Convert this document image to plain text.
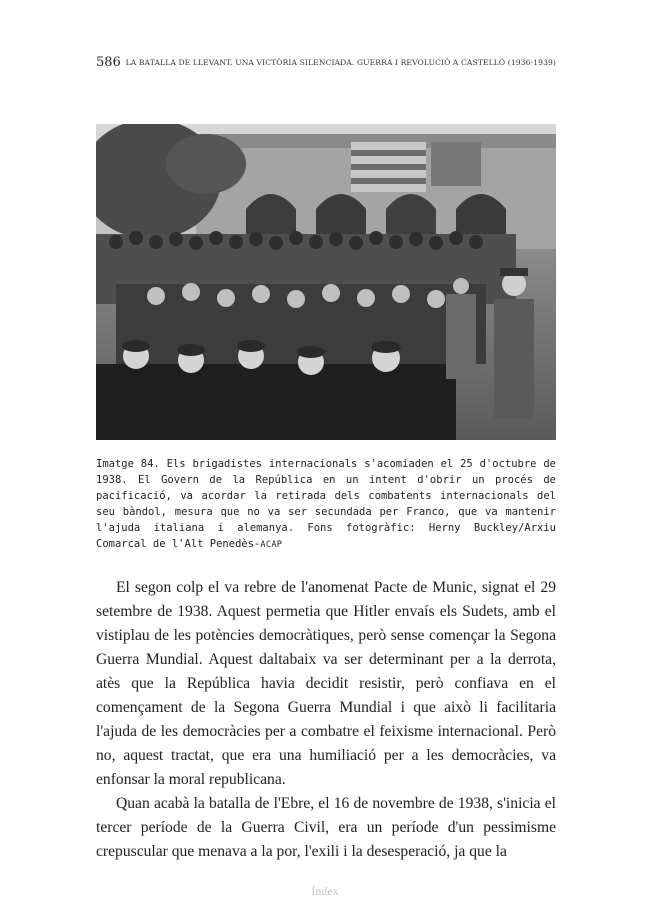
586 LA BATALLA DE LLEVANT, UNA VICTÒRIA SILENCIADA. GUERRA I REVOLUCIÓ A CASTELLÓ (1936-1939)
Imatge 84. Els brigadistes internacionals s'acomiaden el 25 d'octubre de 1938. El Govern de la República en un intent d'obrir un procés de pacificació, va acordar la retirada dels combatents internacionals del seu bàndol, mesura que no va ser secundada per Franco, que va mantenir l'ajuda italiana i alemanya. Fons fotogràfic: Herny Buckley/Arxiu Comarcal de l'Alt Penedès-ACAP

El segon colp el va rebre de l'anomenat Pacte de Munic, signat el 29 setembre de 1938. Aquest permetia que Hitler envaís els Sudets, amb el vistiplau de les potències democràtiques, però sense començar la Segona Guerra Mundial. Aquest daltabaix va ser determinant per a la derrota, atès que la República havia decidit resistir, però confiava en el començament de la Segona Guerra Mundial i que això li facilitaria l'ajuda de les democràcies per a combatre el feixisme internacional. Però no, aquest tractat, que era una humiliació per a les democràcies, va enfonsar la moral republicana.

Quan acabà la batalla de l'Ebre, el 16 de novembre de 1938, s'inicia el tercer període de la Guerra Civil, era un període d'un pessimisme crepuscular que menava a la por, l'exili i la desesperació, ja que la

Índex
